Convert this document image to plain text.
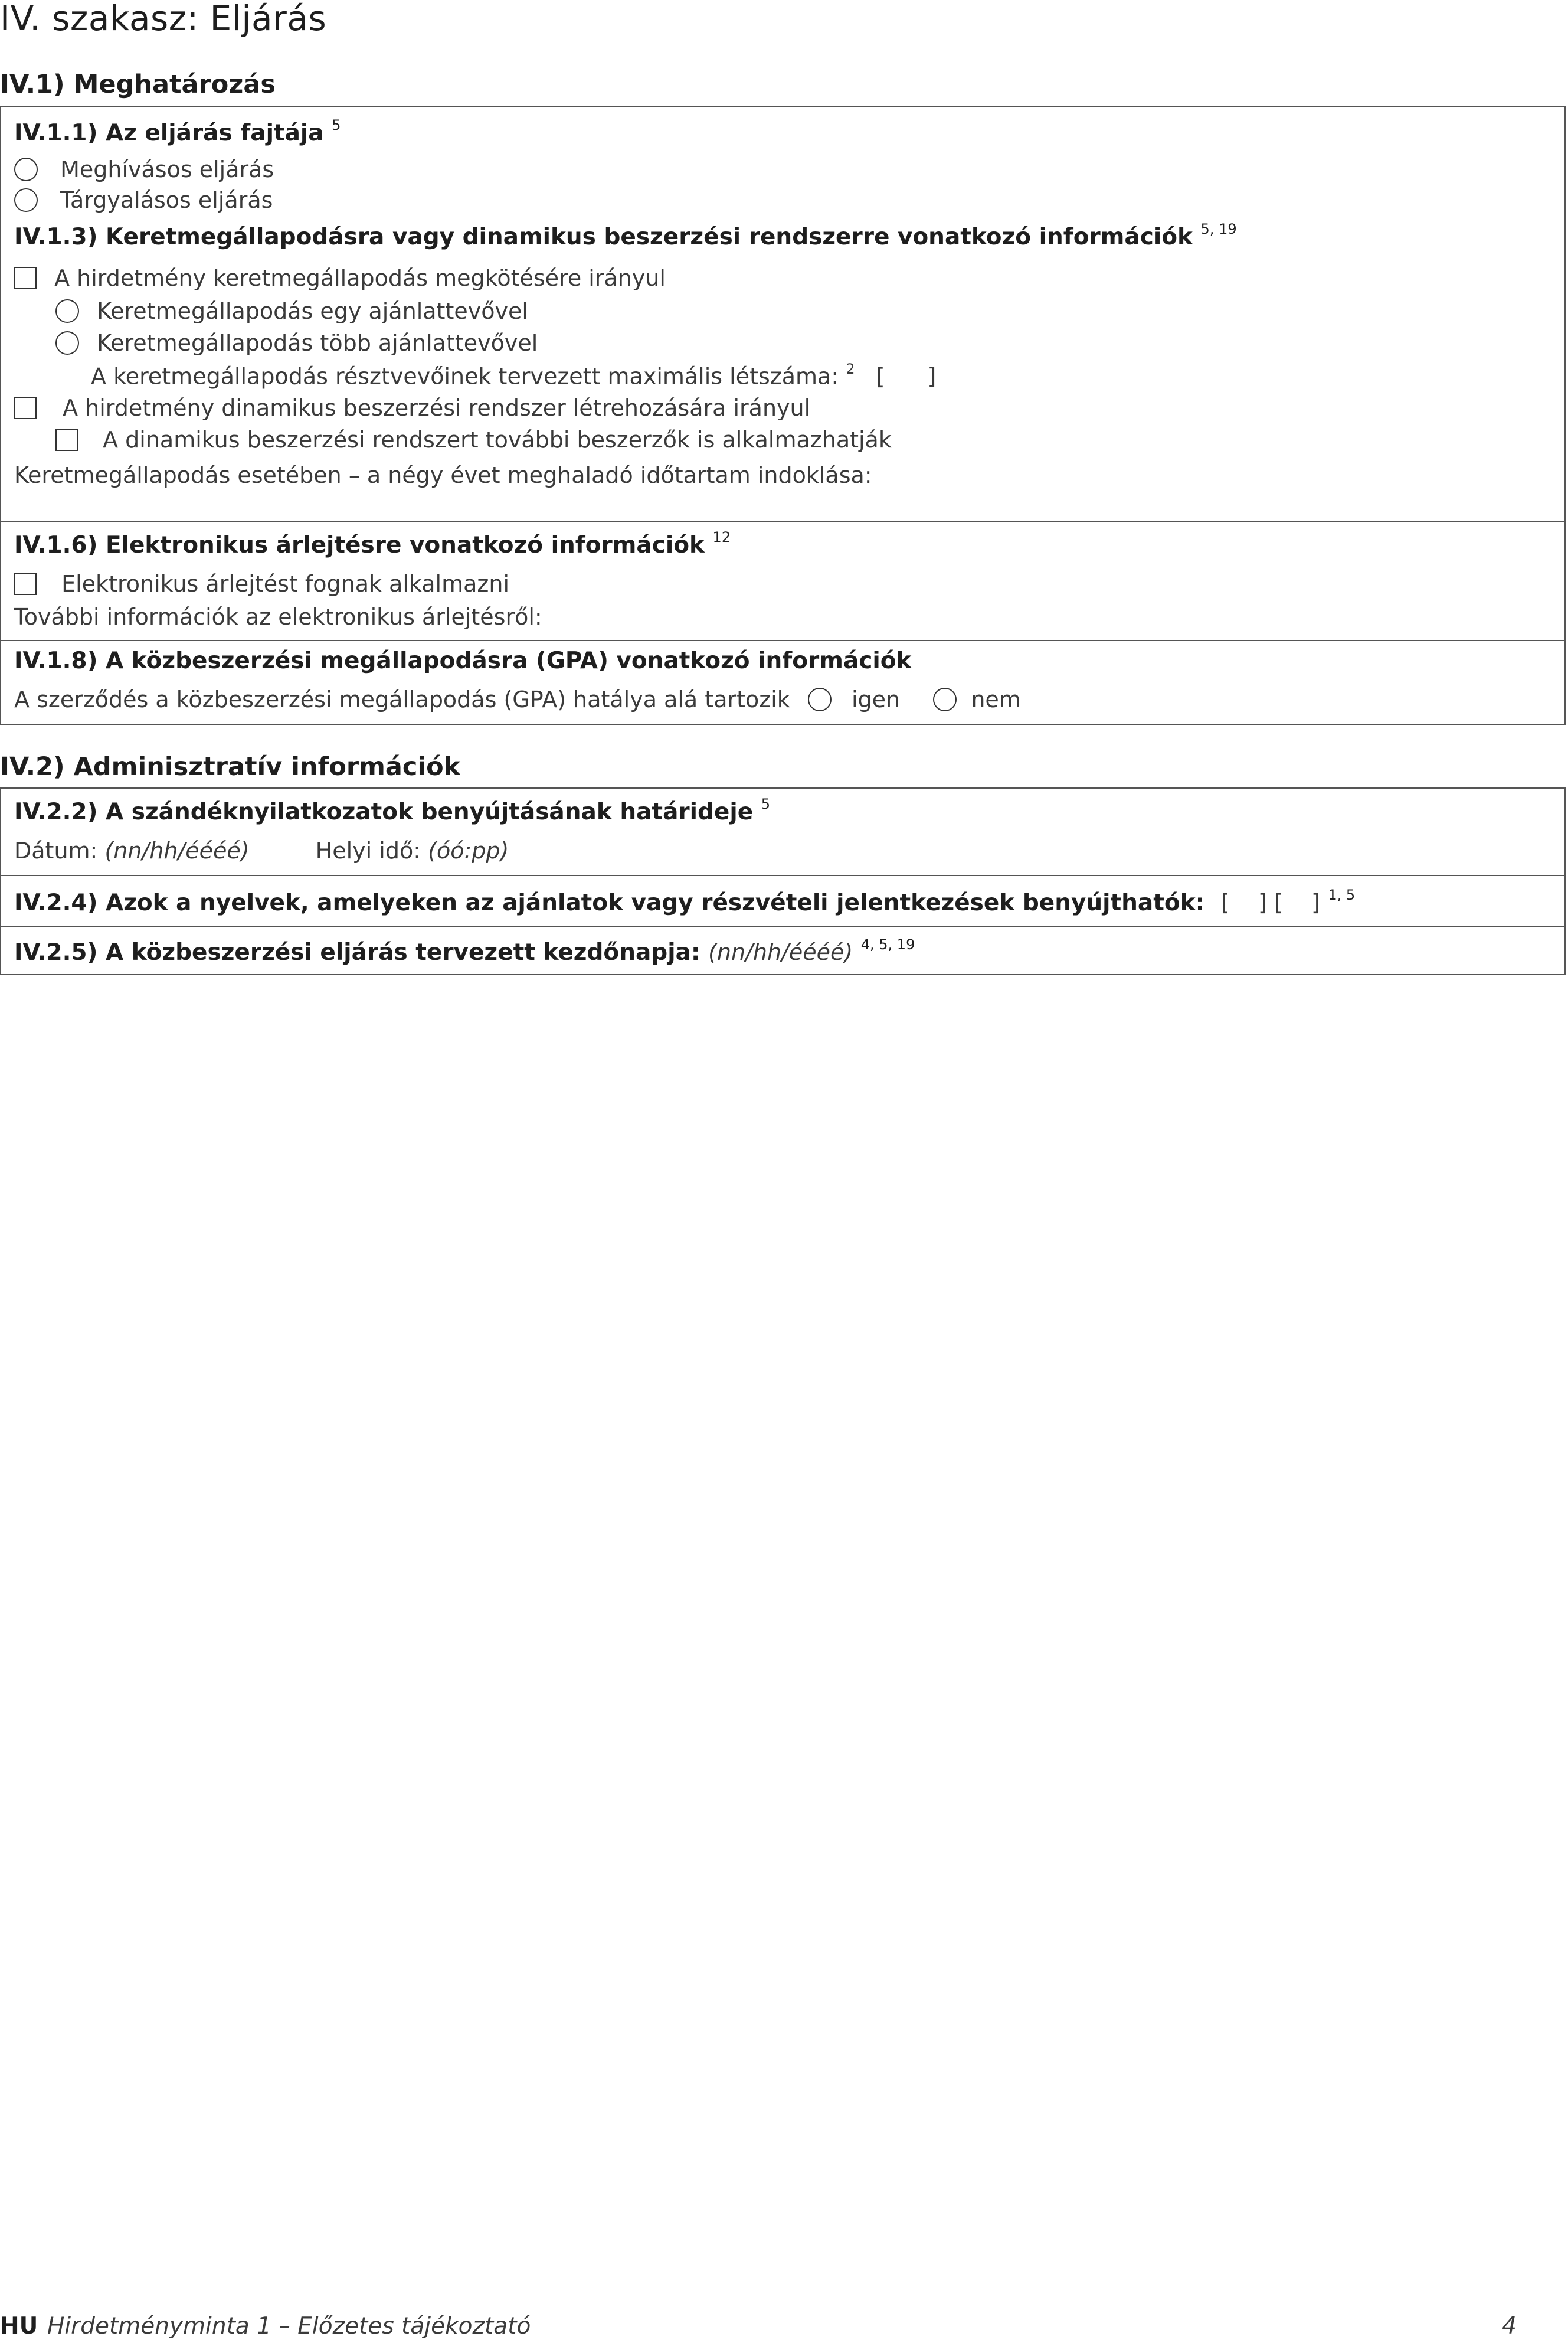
IV. szakasz: Eljárás
IV.1) Meghatározás
IV.1.1) Az eljárás fajtája $^5$
Meghívásos eljárás
Tárgyalásos eljárás
IV.1.3) Keretmegállapodásra vagy dinamikus beszerzési rendszerre vonatkozó információk $^{5, 19}$
A hirdetmény keretmegállapodás megkötésére irányul
Keretmegállapodás egy ajánlattevővel
Keretmegállapodás több ajánlattevővel
A keretmegállapodás résztvevőinek tervezett maximális létszáma: $^2$ [ ]
A hirdetmény dinamikus beszerzési rendszer létrehozására irányul
A dinamikus beszerzési rendszert további beszerzők is alkalmazhatják
Keretmegállapodás esetében – a négy évet meghaladó időtartam indoklása:
IV.1.6) Elektronikus árlejtésre vonatkozó információk $^{12}$
Elektronikus árlejtést fognak alkalmazni
További információk az elektronikus árlejtésről:
IV.1.8) A közbeszerzési megállapodásra (GPA) vonatkozó információk
A szerződés a közbeszerzési megállapodás (GPA) hatálya alá tartozik	igen	nem
IV.2) Adminisztratív információk
IV.2.2) A szándéknyilatkozatok benyújtásának határideje $^5$
Dátum: (nn/hh/éééé)	Helyi idő: (óó:pp)
IV.2.4) Azok a nyelvek, amelyeken az ajánlatok vagy részvételi jelentkezések benyújthatók: [    ] [    ] $^{1, 5}$
IV.2.5) A közbeszerzési eljárás tervezett kezdőnapja: (nn/hh/éééé) $^{4, 5, 19}$
HU Hirdetményminta 1 – Előzetes tájékoztató	4
